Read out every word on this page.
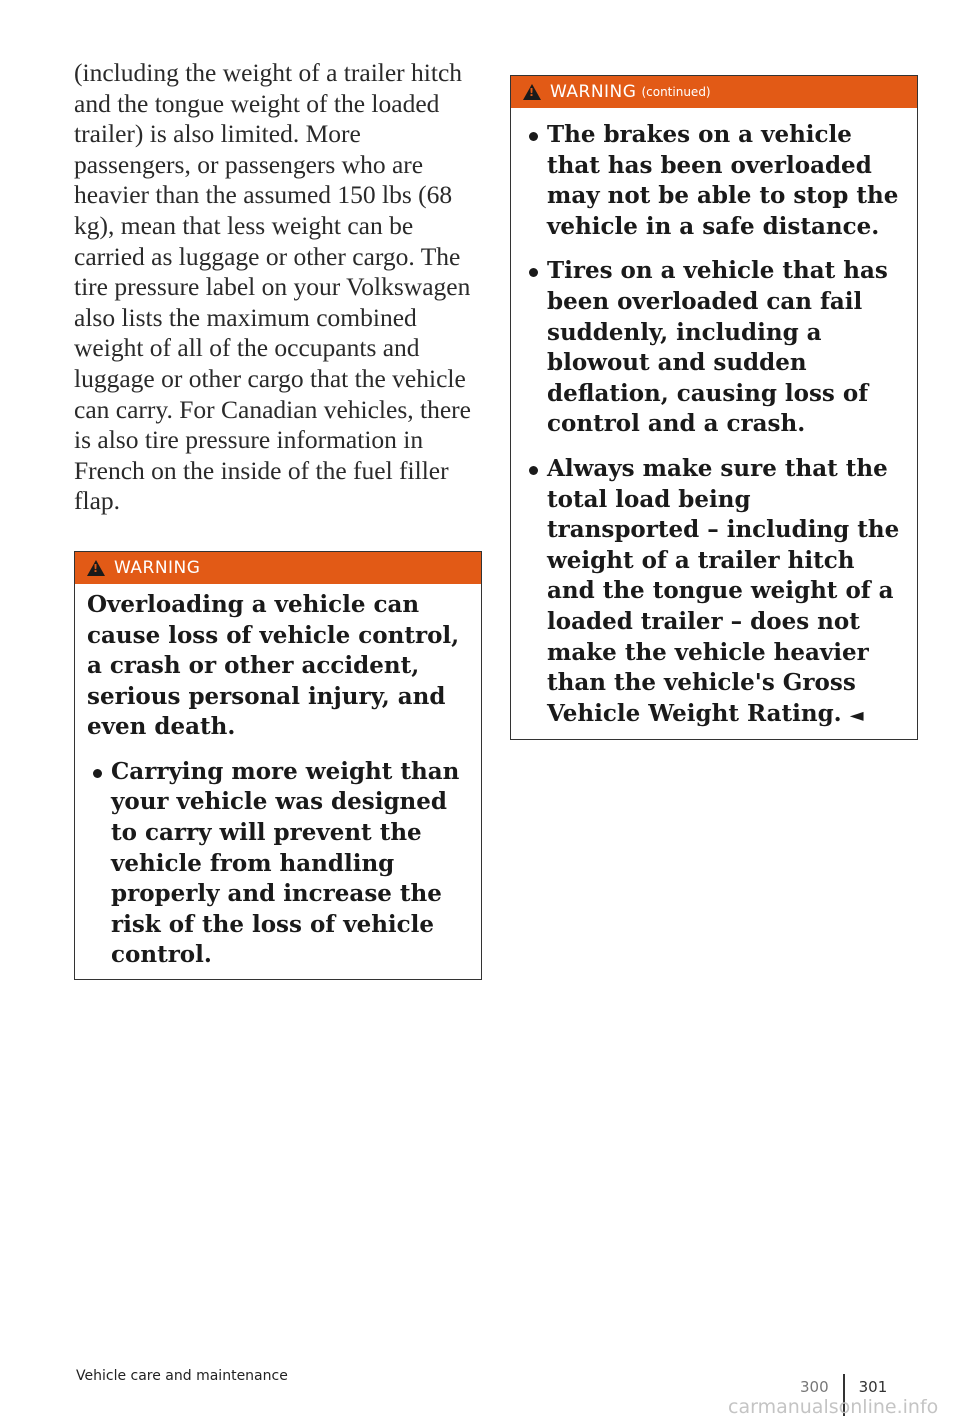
(including the weight of a trailer hitch and the tongue weight of the loaded trailer) is also limited. More passengers, or passengers who are heavier than the assumed 150 lbs (68 kg), mean that less weight can be carried as luggage or other cargo. The tire pressure label on your Volkswagen also lists the maximum combined weight of all of the occupants and luggage or other cargo that the vehicle can carry. For Canadian vehicles, there is also tire pressure information in French on the inside of the fuel filler flap.

!
WARNING

Overloading a vehicle can cause loss of vehicle control, a crash or other accident, serious personal injury, and even death.

Carrying more weight than your vehicle was designed to carry will prevent the vehicle from handling properly and increase the risk of the loss of vehicle control.

!
WARNING (continued)

The brakes on a vehicle that has been overloaded may not be able to stop the vehicle in a safe distance.

Tires on a vehicle that has been overloaded can fail suddenly, including a blowout and sudden deflation, causing loss of control and a crash.

Always make sure that the total load being transported – including the weight of a trailer hitch and the tongue weight of a loaded trailer – does not make the vehicle heavier than the vehicle's Gross Vehicle Weight Rating. ◄

Vehicle care and maintenance
300 301
carmanualsonline.info
